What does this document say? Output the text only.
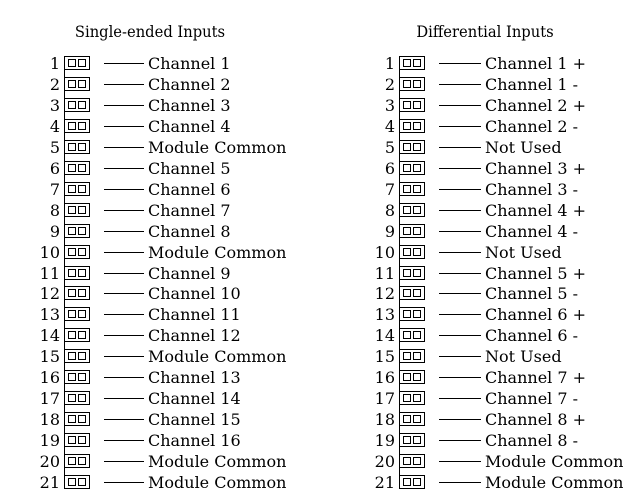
Single-ended Inputs
1	Channel 1
2	Channel 2
3	Channel 3
4	Channel 4
5	Module Common
6	Channel 5
7	Channel 6
8	Channel 7
9	Channel 8
10	Module Common
11	Channel 9
12	Channel 10
13	Channel 11
14	Channel 12
15	Module Common
16	Channel 13
17	Channel 14
18	Channel 15
19	Channel 16
20	Module Common
21	Module Common
Differential Inputs
1	Channel 1 +
2	Channel 1 -
3	Channel 2 +
4	Channel 2 -
5	Not Used
6	Channel 3 +
7	Channel 3 -
8	Channel 4 +
9	Channel 4 -
10	Not Used
11	Channel 5 +
12	Channel 5 -
13	Channel 6 +
14	Channel 6 -
15	Not Used
16	Channel 7 +
17	Channel 7 -
18	Channel 8 +
19	Channel 8 -
20	Module Common
21	Module Common
